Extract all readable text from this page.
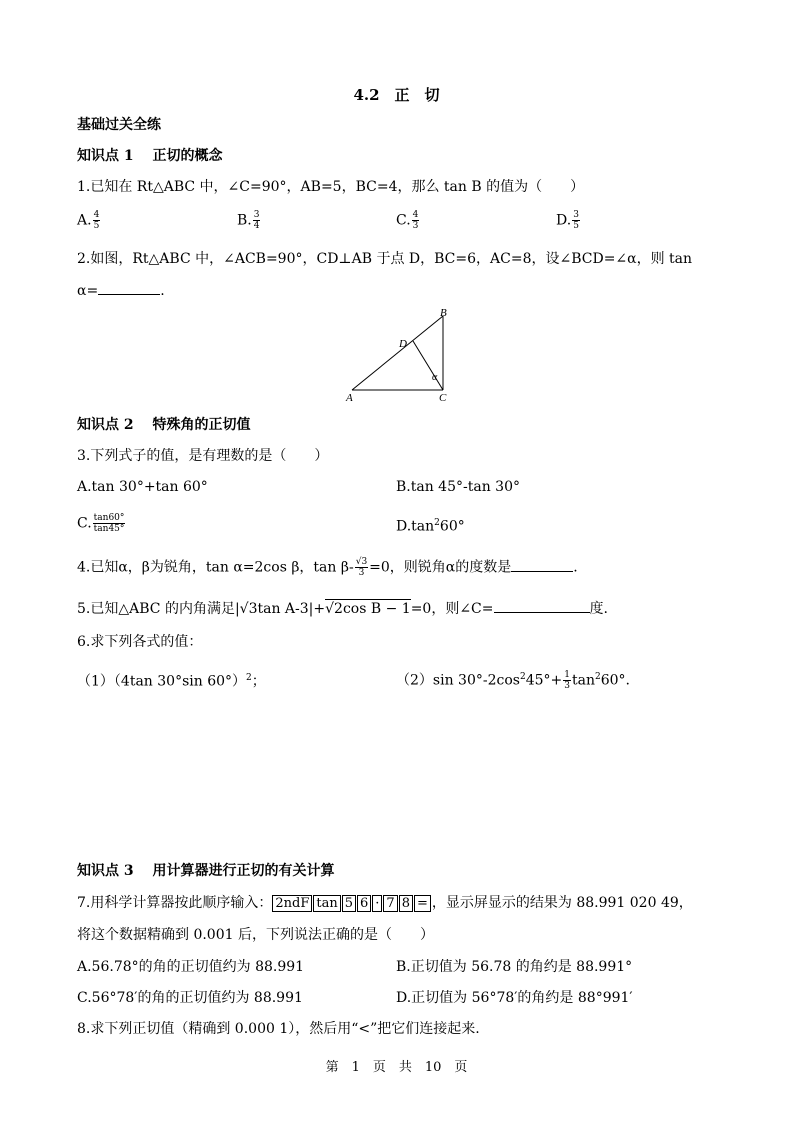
4.2　正　切
基础过关全练
知识点 1　 正切的概念
1.已知在 Rt△ABC 中，∠C=90°，AB=5，BC=4，那么 tan B 的值为（　　）
A. $\frac{4}{5}$	B. $\frac{3}{4}$	C. $\frac{4}{3}$	D. $\frac{3}{5}$
2.如图，Rt△ABC 中，∠ACB=90°，CD⊥AB 于点 D，BC=6，AC=8，设∠BCD=∠α，则 tan
α=	.
B
D
α
A	C
知识点 2　 特殊角的正切值
3.下列式子的值，是有理数的是（　　）
A.tan 30°+tan 60°	B.tan 45°-tan 30°
C. $\frac{\tan 60^\circ}{\tan 45^\circ}$	$D.\tan^260^\circ$
4.已知α，β为锐角，tan α=2cos β，$\tan \beta- \frac{√3}{3} =0$，则锐角α的度数是	.
5.已知△ABC 的内角满足|√3tan A-3|+√2cos B − 1=0，则∠C=	度.
6.求下列各式的值：
（1）（4tan 30°sin 60°）$^2$；	（2）sin $30^\circ-2\cos^245^\circ+ \frac{1}{3} \tan^260^\circ$.
知识点 3　 用计算器进行正切的有关计算
7.用科学计算器按此顺序输入： 2ndF tan 5 6 · 7 8 = ，显示屏显示的结果为 88.991 020 49，
将这个数据精确到 0.001 后，下列说法正确的是（　　）
A.56.78°的角的正切值约为 88.991	B.正切值为 56.78 的角约是 88.991°
C.56°78′的角的正切值约为 88.991	D.正切值为 56°78′的角约是 88°991′
8.求下列正切值（精确到 0.000 1），然后用“<”把它们连接起来.
第　1　页　共　10　页
